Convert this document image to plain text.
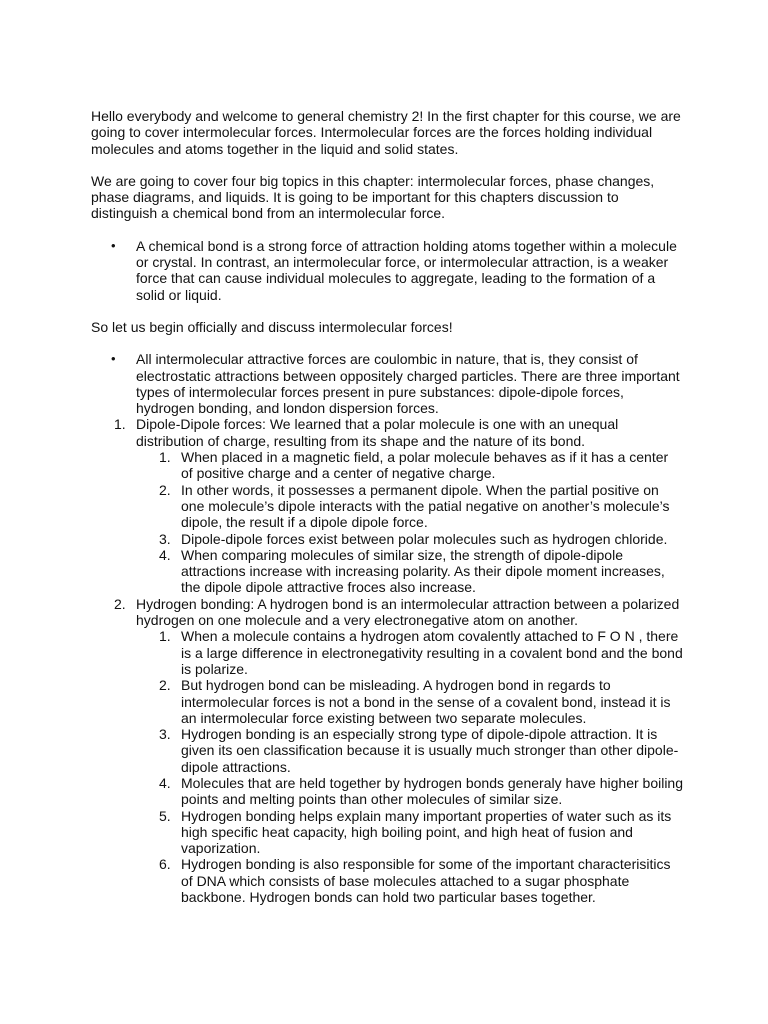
Hello everybody and welcome to general chemistry 2! In the first chapter for this course, we are going to cover intermolecular forces. Intermolecular forces are the forces holding individual molecules and atoms together in the liquid and solid states.

We are going to cover four big topics in this chapter: intermolecular forces, phase changes, phase diagrams, and liquids. It is going to be important for this chapters discussion to distinguish a chemical bond from an intermolecular force.

• A chemical bond is a strong force of attraction holding atoms together within a molecule or crystal. In contrast, an intermolecular force, or intermolecular attraction, is a weaker force that can cause individual molecules to aggregate, leading to the formation of a solid or liquid.

So let us begin officially and discuss intermolecular forces!

• All intermolecular attractive forces are coulombic in nature, that is, they consist of electrostatic attractions between oppositely charged particles. There are three important types of intermolecular forces present in pure substances: dipole-dipole forces, hydrogen bonding, and london dispersion forces.

1. Dipole-Dipole forces: We learned that a polar molecule is one with an unequal distribution of charge, resulting from its shape and the nature of its bond.

1. When placed in a magnetic field, a polar molecule behaves as if it has a center of positive charge and a center of negative charge.

2. In other words, it possesses a permanent dipole. When the partial positive on one molecule’s dipole interacts with the patial negative on another’s molecule’s dipole, the result if a dipole dipole force.

3. Dipole-dipole forces exist between polar molecules such as hydrogen chloride.

4. When comparing molecules of similar size, the strength of dipole-dipole attractions increase with increasing polarity. As their dipole moment increases, the dipole dipole attractive froces also increase.

2. Hydrogen bonding: A hydrogen bond is an intermolecular attraction between a polarized hydrogen on one molecule and a very electronegative atom on another.

1. When a molecule contains a hydrogen atom covalently attached to F O N , there is a large difference in electronegativity resulting in a covalent bond and the bond is polarize.

2. But hydrogen bond can be misleading. A hydrogen bond in regards to intermolecular forces is not a bond in the sense of a covalent bond, instead it is an intermolecular force existing between two separate molecules.

3. Hydrogen bonding is an especially strong type of dipole-dipole attraction. It is given its oen classification because it is usually much stronger than other dipole-dipole attractions.

4. Molecules that are held together by hydrogen bonds generaly have higher boiling points and melting points than other molecules of similar size.

5. Hydrogen bonding helps explain many important properties of water such as its high specific heat capacity, high boiling point, and high heat of fusion and vaporization.

6. Hydrogen bonding is also responsible for some of the important characterisitics of DNA which consists of base molecules attached to a sugar phosphate backbone. Hydrogen bonds can hold two particular bases together.
